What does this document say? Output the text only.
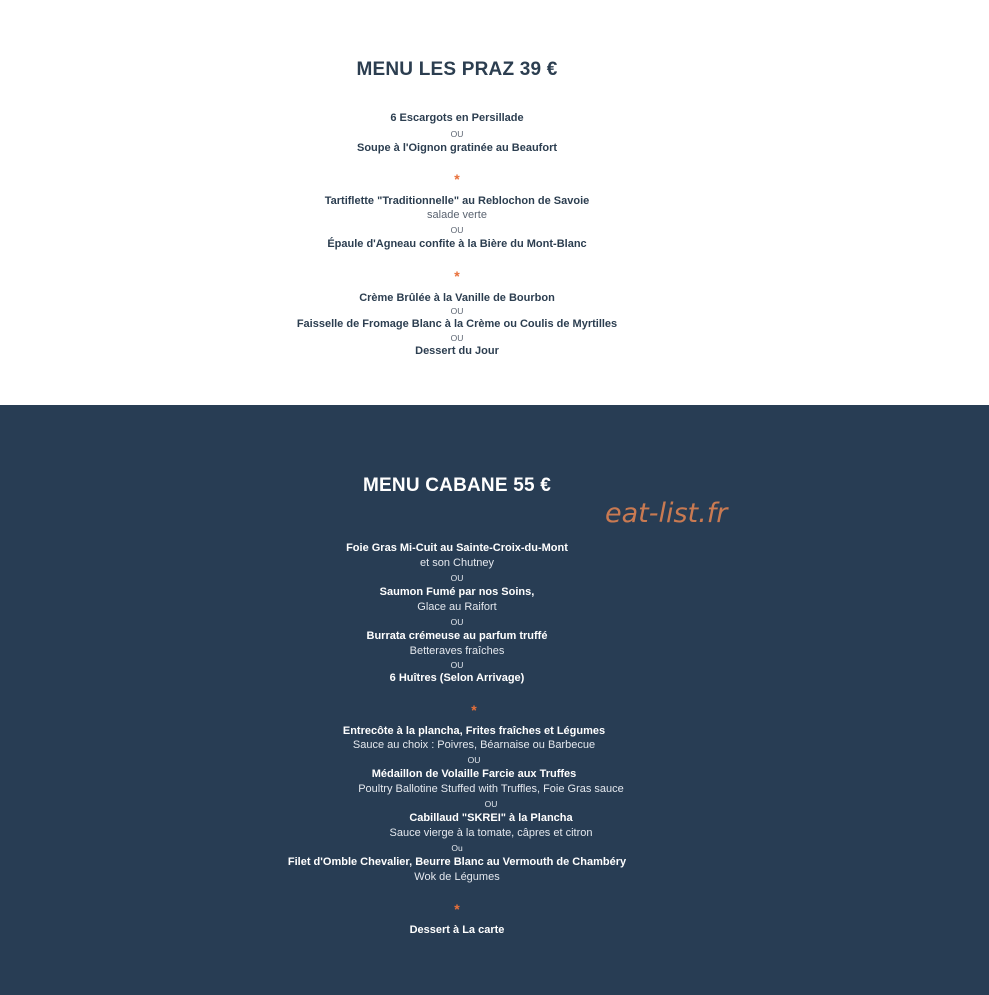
MENU LES PRAZ 39 €
6 Escargots en Persillade
OU
Soupe à l'Oignon gratinée au Beaufort
*
Tartiflette "Traditionnelle" au Reblochon de Savoie
salade verte
OU
Épaule d'Agneau confite à la Bière du Mont-Blanc
*
Crème Brûlée à la Vanille de Bourbon
OU
Faisselle de Fromage Blanc à la Crème ou Coulis de Myrtilles
OU
Dessert du Jour
MENU CABANE 55 €
Foie Gras Mi-Cuit au Sainte-Croix-du-Mont
et son Chutney
OU
Saumon Fumé par nos Soins,
Glace au Raifort
OU
Burrata crémeuse au parfum truffé
Betteraves fraîches
OU
6 Huîtres (Selon Arrivage)
*
Entrecôte à la plancha, Frites fraîches et Légumes
Sauce au choix : Poivres, Béarnaise ou Barbecue
OU
Médaillon de Volaille Farcie aux Truffes
Poultry Ballotine Stuffed with Truffles, Foie Gras sauce
OU
Cabillaud "SKREI" à la Plancha
Sauce vierge à la tomate, câpres et citron
Ou
Filet d'Omble Chevalier, Beurre Blanc au Vermouth de Chambéry
Wok de Légumes
*
Dessert à La carte
eat-list.fr
